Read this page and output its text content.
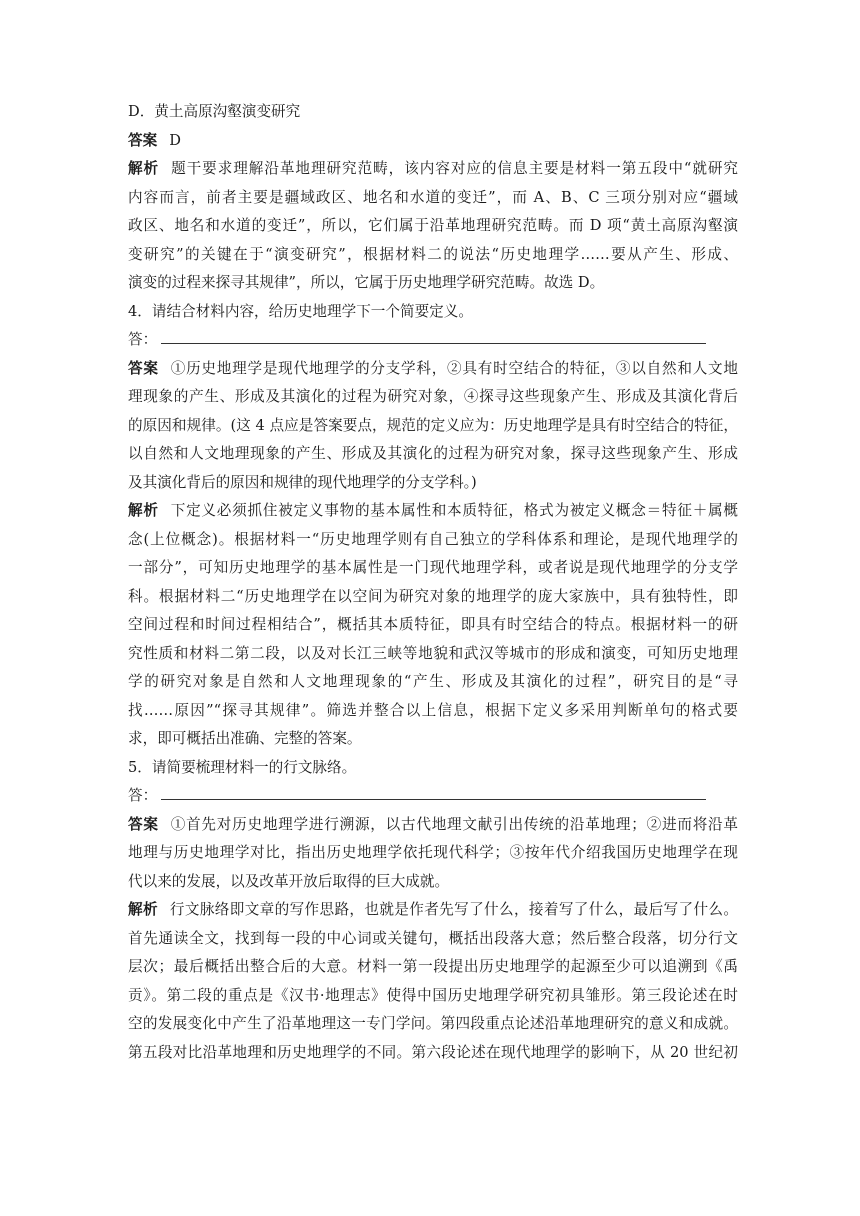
D．黄土高原沟壑演变研究
答案 D
解析 题干要求理解沿革地理研究范畴，该内容对应的信息主要是材料一第五段中“就研究
内容而言，前者主要是疆域政区、地名和水道的变迁”，而 A、B、C 三项分别对应“疆域
政区、地名和水道的变迁”，所以，它们属于沿革地理研究范畴。而 D 项“黄土高原沟壑演
变研究”的关键在于“演变研究”，根据材料二的说法“历史地理学……要从产生、形成、
演变的过程来探寻其规律”，所以，它属于历史地理学研究范畴。故选 D。
4．请结合材料内容，给历史地理学下一个简要定义。
答：
答案 ①历史地理学是现代地理学的分支学科，②具有时空结合的特征，③以自然和人文地
理现象的产生、形成及其演化的过程为研究对象，④探寻这些现象产生、形成及其演化背后
的原因和规律。(这 4 点应是答案要点，规范的定义应为：历史地理学是具有时空结合的特征，
以自然和人文地理现象的产生、形成及其演化的过程为研究对象，探寻这些现象产生、形成
及其演化背后的原因和规律的现代地理学的分支学科。)
解析 下定义必须抓住被定义事物的基本属性和本质特征，格式为被定义概念＝特征＋属概
念(上位概念)。根据材料一“历史地理学则有自己独立的学科体系和理论，是现代地理学的
一部分”，可知历史地理学的基本属性是一门现代地理学科，或者说是现代地理学的分支学
科。根据材料二“历史地理学在以空间为研究对象的地理学的庞大家族中，具有独特性，即
空间过程和时间过程相结合”，概括其本质特征，即具有时空结合的特点。根据材料一的研
究性质和材料二第二段，以及对长江三峡等地貌和武汉等城市的形成和演变，可知历史地理
学的研究对象是自然和人文地理现象的“产生、形成及其演化的过程”，研究目的是“寻
找……原因”“探寻其规律”。筛选并整合以上信息，根据下定义多采用判断单句的格式要
求，即可概括出准确、完整的答案。
5．请简要梳理材料一的行文脉络。
答：
答案 ①首先对历史地理学进行溯源，以古代地理文献引出传统的沿革地理；②进而将沿革
地理与历史地理学对比，指出历史地理学依托现代科学；③按年代介绍我国历史地理学在现
代以来的发展，以及改革开放后取得的巨大成就。
解析 行文脉络即文章的写作思路，也就是作者先写了什么，接着写了什么，最后写了什么。
首先通读全文，找到每一段的中心词或关键句，概括出段落大意；然后整合段落，切分行文
层次；最后概括出整合后的大意。材料一第一段提出历史地理学的起源至少可以追溯到《禹
贡》。第二段的重点是《汉书·地理志》使得中国历史地理学研究初具雏形。第三段论述在时
空的发展变化中产生了沿革地理这一专门学问。第四段重点论述沿革地理研究的意义和成就。
第五段对比沿革地理和历史地理学的不同。第六段论述在现代地理学的影响下，从 20 世纪初
